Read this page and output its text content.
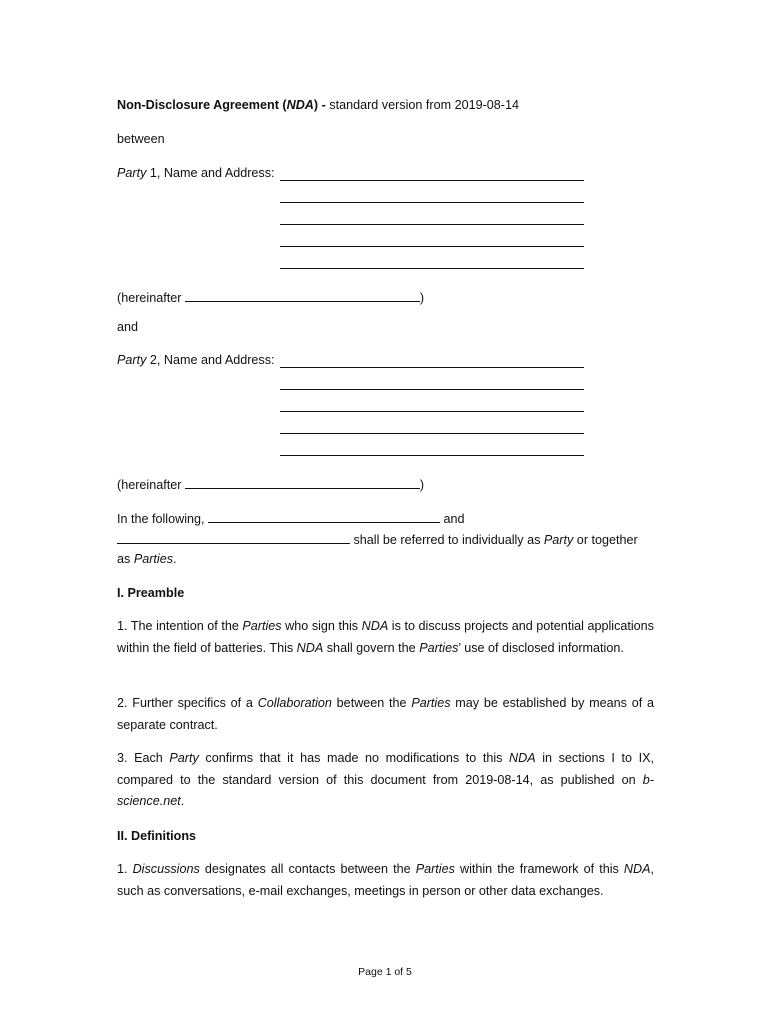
Non-Disclosure Agreement (NDA) - standard version from 2019-08-14
between
Party 1, Name and Address:
(hereinafter	)
and
Party 2, Name and Address:
(hereinafter	)
In the following,	and
shall be referred to individually as Party or together
as Parties.
I. Preamble
1. The intention of the Parties who sign this NDA is to discuss projects and potential applications within the field of batteries. This NDA shall govern the Parties’ use of disclosed information.
2. Further specifics of a Collaboration between the Parties may be established by means of a separate contract.
3. Each Party confirms that it has made no modifications to this NDA in sections I to IX, compared to the standard version of this document from 2019-08-14, as published on b-science.net.
II. Definitions
1. Discussions designates all contacts between the Parties within the framework of this NDA, such as conversations, e-mail exchanges, meetings in person or other data exchanges.
Page 1 of 5
